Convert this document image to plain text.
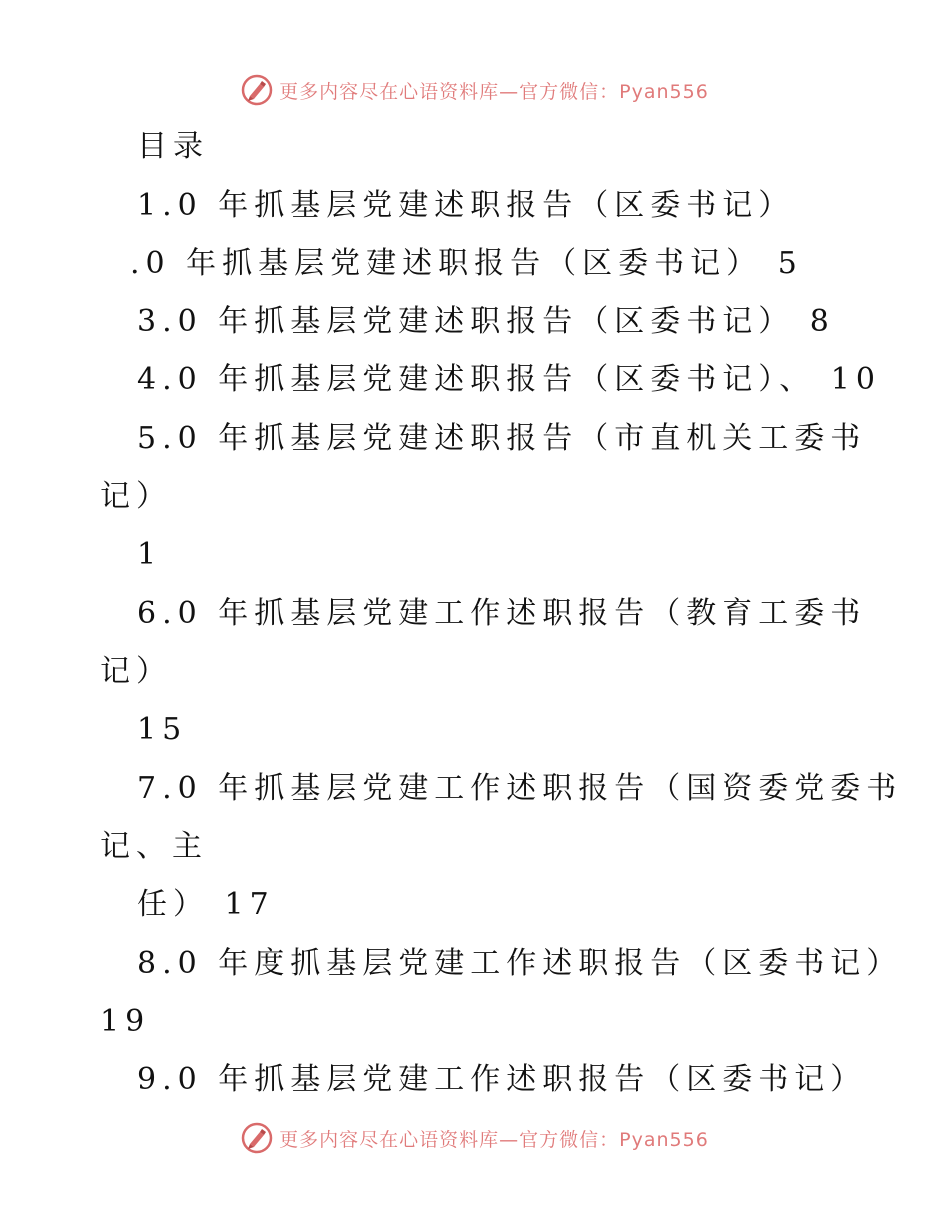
更多内容尽在心语资料库—官方微信：Pyan556
目录
1.0 年抓基层党建述职报告（区委书记）
.0 年抓基层党建述职报告（区委书记） 5
3.0 年抓基层党建述职报告（区委书记） 8
4.0 年抓基层党建述职报告（区委书记）、 10
5.0 年抓基层党建述职报告（市直机关工委书
记）
1
6.0 年抓基层党建工作述职报告（教育工委书
记）
15
7.0 年抓基层党建工作述职报告（国资委党委书
记、主
任） 17
8.0 年度抓基层党建工作述职报告（区委书记）
19
9.0 年抓基层党建工作述职报告（区委书记）
更多内容尽在心语资料库—官方微信：Pyan556
